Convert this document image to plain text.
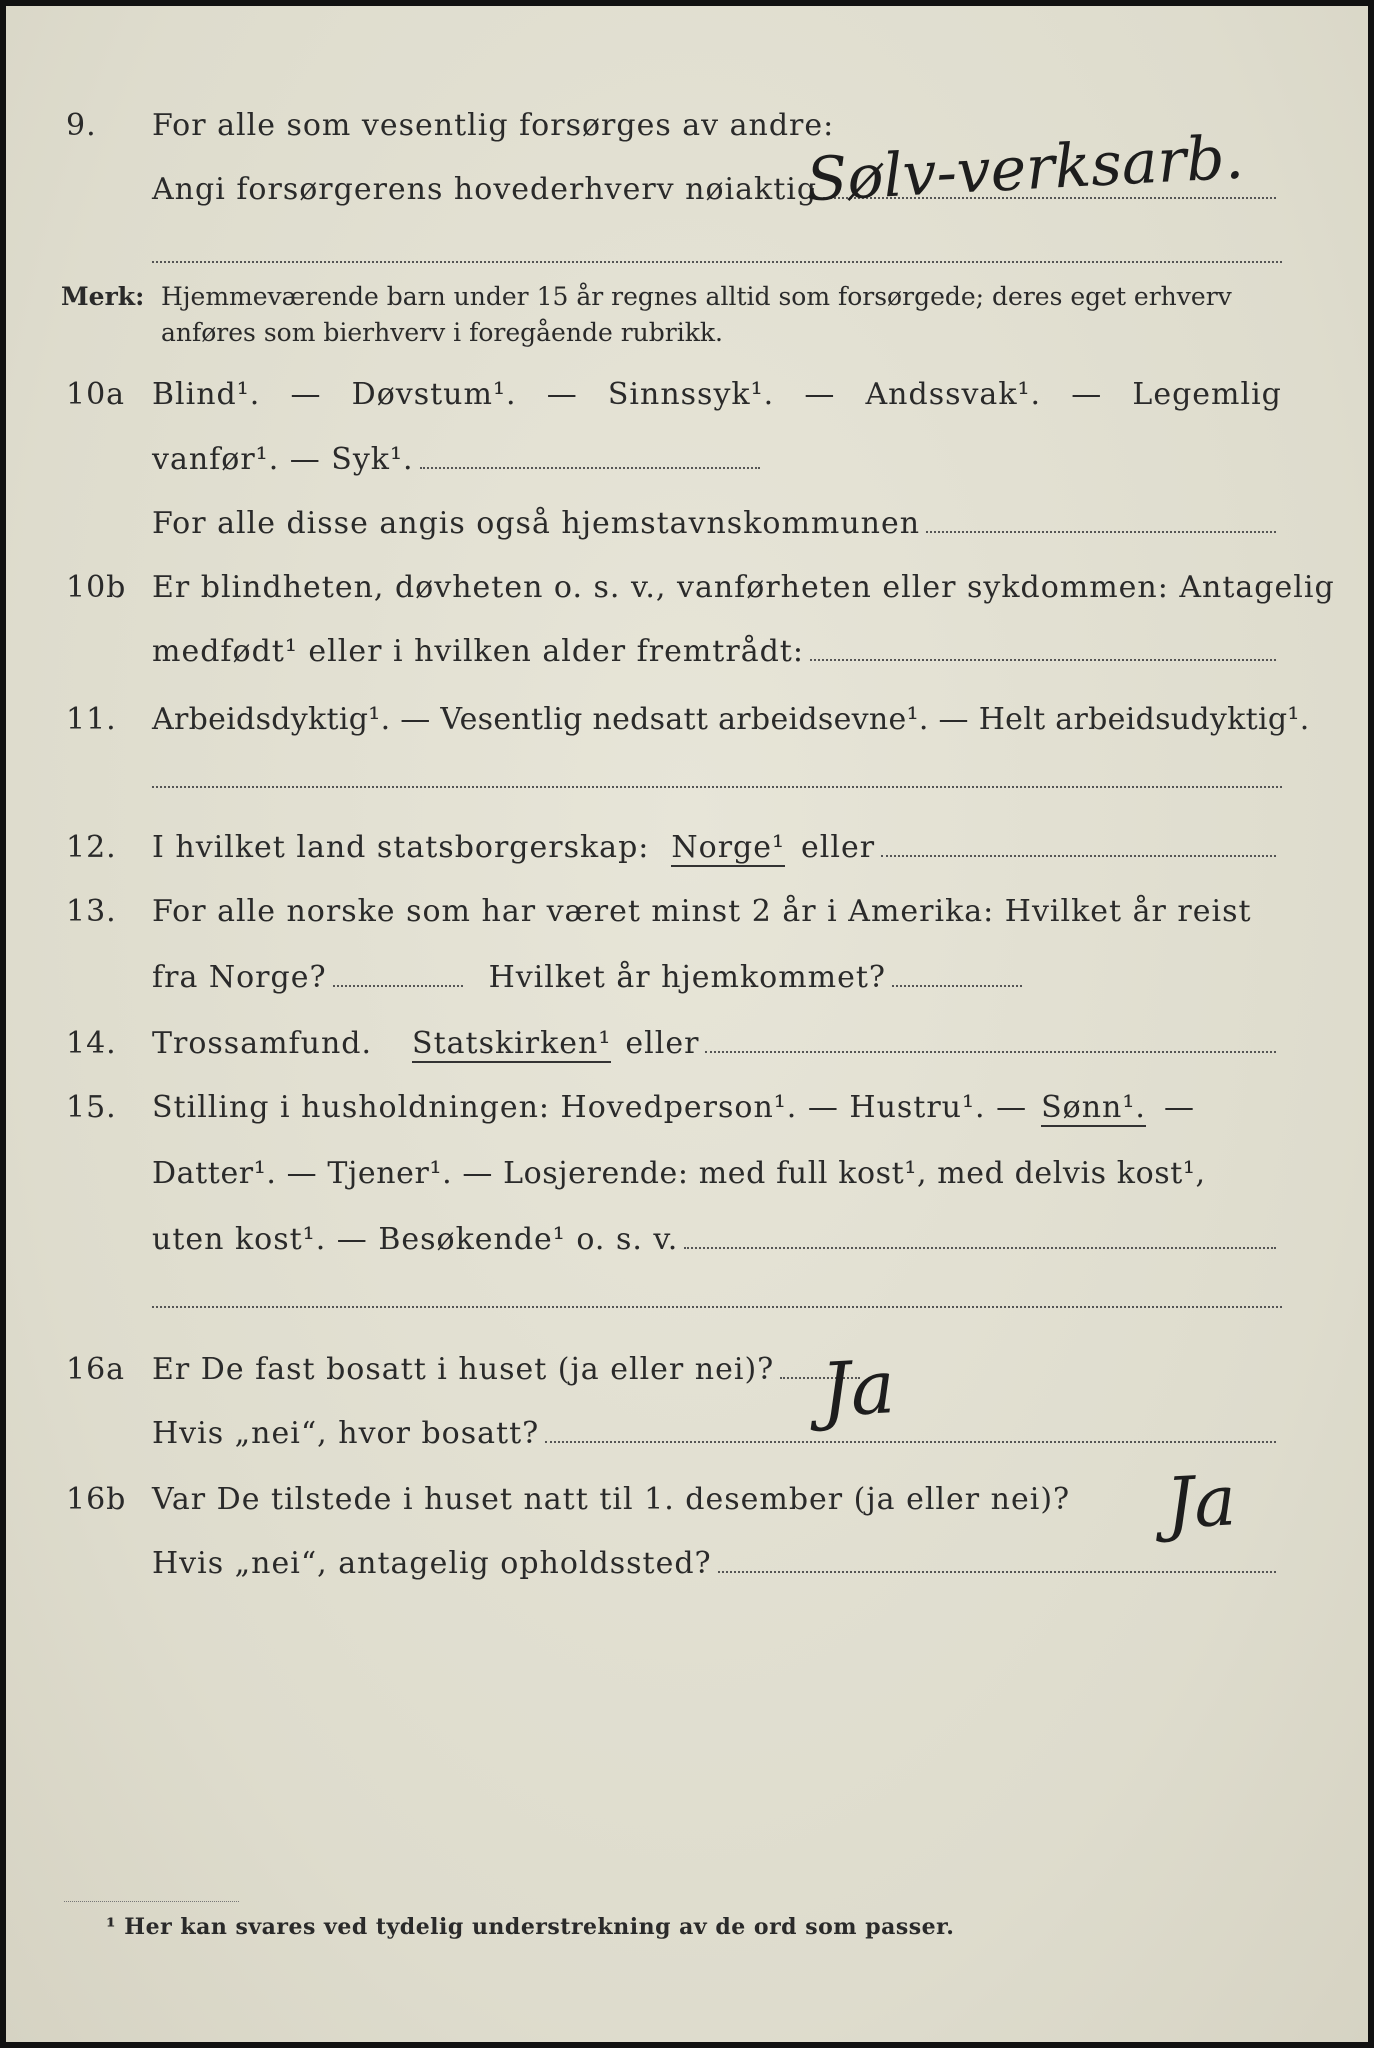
9. For alle som vesentlig forsørges av andre:
Angi forsørgerens hovederhverv nøiaktig
Sølv-verksarb.
Merk: Hjemmeværende barn under 15 år regnes alltid som forsørgede; deres eget erhverv anføres som bierhverv i foregående rubrikk.
10a Blind¹. — Døvstum¹. — Sinnssyk¹. — Andssvak¹. — Legemlig
vanfør¹. — Syk¹.
For alle disse angis også hjemstavnskommunen
10b Er blindheten, døvheten o. s. v., vanførheten eller sykdommen: Antagelig
medfødt¹ eller i hvilken alder fremtrådt:
11. Arbeidsdyktig¹. — Vesentlig nedsatt arbeidsevne¹. — Helt arbeidsudyktig¹.
12. I hvilket land statsborgerskap: Norge¹ eller
13. For alle norske som har været minst 2 år i Amerika: Hvilket år reist
fra Norge?	Hvilket år hjemkommet?
14. Trossamfund. Statskirken¹ eller
15. Stilling i husholdningen: Hovedperson¹. — Hustru¹. — Sønn¹. —
Datter¹. — Tjener¹. — Losjerende: med full kost¹, med delvis kost¹,
uten kost¹. — Besøkende¹ o. s. v.
16a Er De fast bosatt i huset (ja eller nei)? Ja
Hvis „nei“, hvor bosatt?
16b Var De tilstede i huset natt til 1. desember (ja eller nei)? Ja
Hvis „nei“, antagelig opholdssted?
¹ Her kan svares ved tydelig understrekning av de ord som passer.
